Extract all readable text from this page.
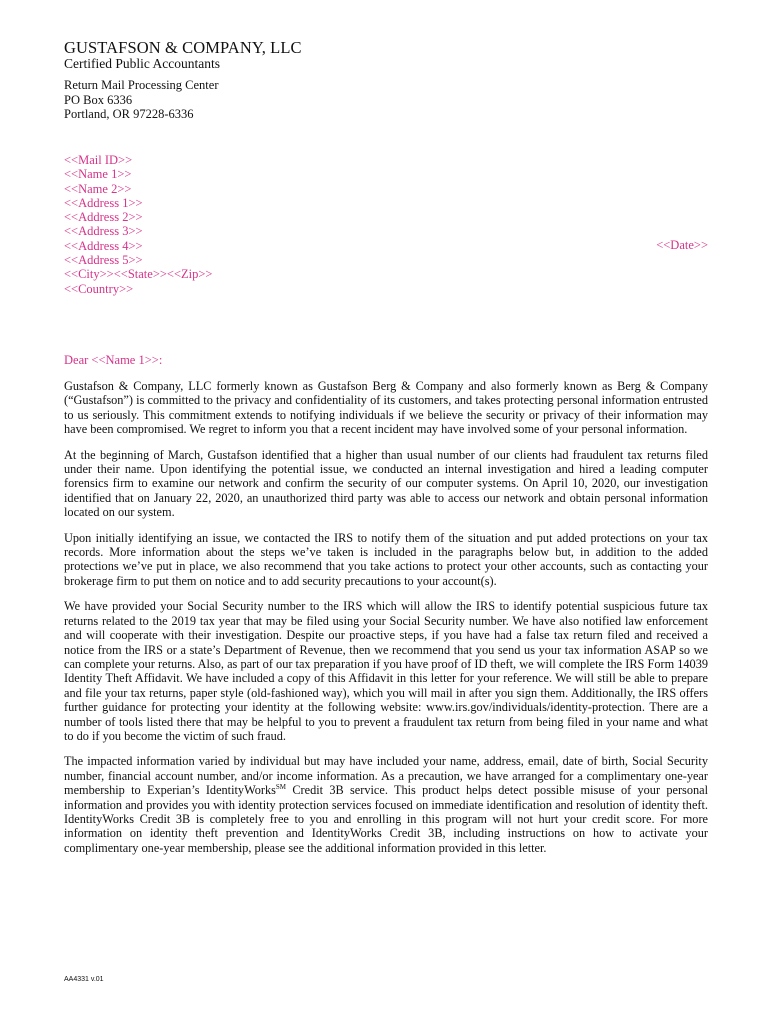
GUSTAFSON & COMPANY, LLC
Certified Public Accountants
Return Mail Processing Center
PO Box 6336
Portland, OR 97228-6336
<<Mail ID>>
<<Name 1>>
<<Name 2>>
<<Address 1>>
<<Address 2>>
<<Address 3>>
<<Address 4>>
<<Address 5>>
<<City>><<State>><<Zip>>
<<Country>>
<<Date>>
Dear <<Name 1>>:

Gustafson & Company, LLC formerly known as Gustafson Berg & Company and also formerly known as Berg & Company (“Gustafson”) is committed to the privacy and confidentiality of its customers, and takes protecting personal information entrusted to us seriously. This commitment extends to notifying individuals if we believe the security or privacy of their information may have been compromised. We regret to inform you that a recent incident may have involved some of your personal information.

At the beginning of March, Gustafson identified that a higher than usual number of our clients had fraudulent tax returns filed under their name. Upon identifying the potential issue, we conducted an internal investigation and hired a leading computer forensics firm to examine our network and confirm the security of our computer systems. On April 10, 2020, our investigation identified that on January 22, 2020, an unauthorized third party was able to access our network and obtain personal information located on our system.

Upon initially identifying an issue, we contacted the IRS to notify them of the situation and put added protections on your tax records. More information about the steps we’ve taken is included in the paragraphs below but, in addition to the added protections we’ve put in place, we also recommend that you take actions to protect your other accounts, such as contacting your brokerage firm to put them on notice and to add security precautions to your account(s).

We have provided your Social Security number to the IRS which will allow the IRS to identify potential suspicious future tax returns related to the 2019 tax year that may be filed using your Social Security number. We have also notified law enforcement and will cooperate with their investigation. Despite our proactive steps, if you have had a false tax return filed and received a notice from the IRS or a state’s Department of Revenue, then we recommend that you send us your tax information ASAP so we can complete your returns. Also, as part of our tax preparation if you have proof of ID theft, we will complete the IRS Form 14039 Identity Theft Affidavit. We have included a copy of this Affidavit in this letter for your reference. We will still be able to prepare and file your tax returns, paper style (old-fashioned way), which you will mail in after you sign them. Additionally, the IRS offers further guidance for protecting your identity at the following website: www.irs.gov/individuals/identity-protection. There are a number of tools listed there that may be helpful to you to prevent a fraudulent tax return from being filed in your name and what to do if you become the victim of such fraud.

The impacted information varied by individual but may have included your name, address, email, date of birth, Social Security number, financial account number, and/or income information. As a precaution, we have arranged for a complimentary one-year membership to Experian’s IdentityWorks℠ Credit 3B service. This product helps detect possible misuse of your personal information and provides you with identity protection services focused on immediate identification and resolution of identity theft. IdentityWorks Credit 3B is completely free to you and enrolling in this program will not hurt your credit score. For more information on identity theft prevention and IdentityWorks Credit 3B, including instructions on how to activate your complimentary one-year membership, please see the additional information provided in this letter.

AA4331 v.01
